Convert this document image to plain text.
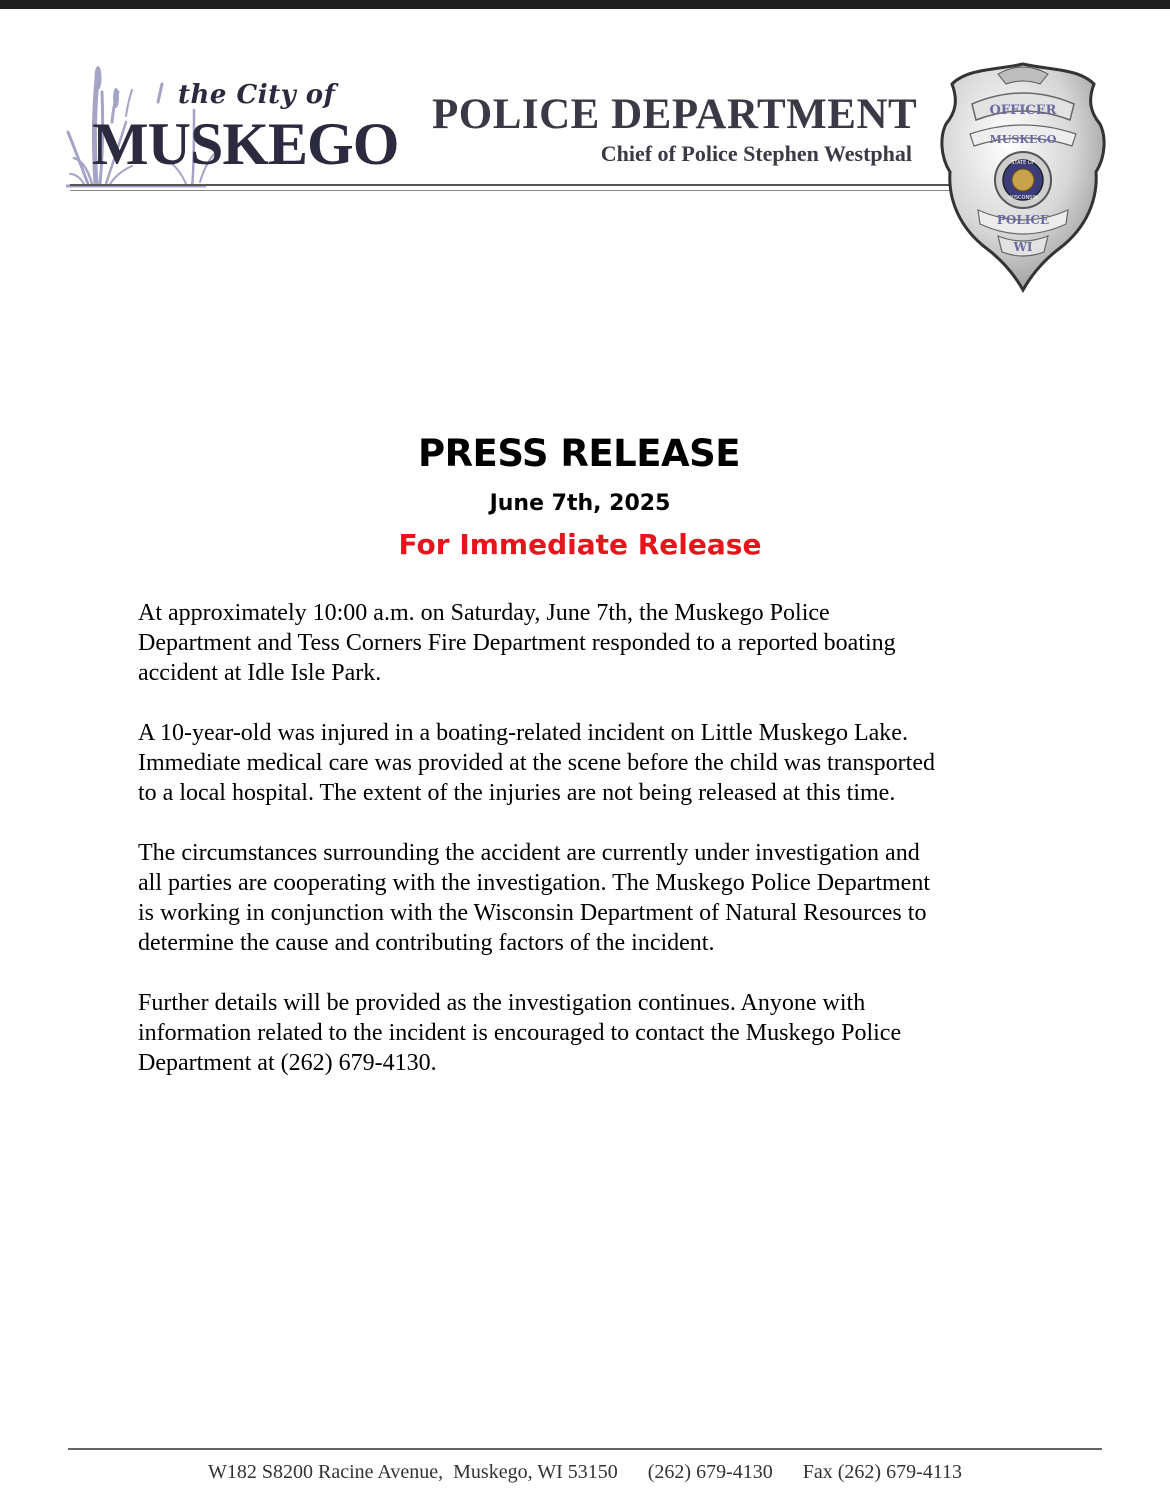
the City of
MUSKEGO POLICE DEPARTMENT
Chief of Police Stephen Westphal
OFFICER
MUSKEGO
STATE OF
WISCONSIN
POLICE
WI
PRESS RELEASE
June 7th, 2025
For Immediate Release

At approximately 10:00 a.m. on Saturday, June 7th, the Muskego Police
Department and Tess Corners Fire Department responded to a reported boating
accident at Idle Isle Park.

A 10-year-old was injured in a boating-related incident on Little Muskego Lake.
Immediate medical care was provided at the scene before the child was transported
to a local hospital. The extent of the injuries are not being released at this time.

The circumstances surrounding the accident are currently under investigation and
all parties are cooperating with the investigation. The Muskego Police Department
is working in conjunction with the Wisconsin Department of Natural Resources to
determine the cause and contributing factors of the incident.

Further details will be provided as the investigation continues. Anyone with
information related to the incident is encouraged to contact the Muskego Police
Department at (262) 679-4130.

W182 S8200 Racine Avenue,  Muskego, WI 53150 (262) 679-4130 Fax (262) 679-4113
